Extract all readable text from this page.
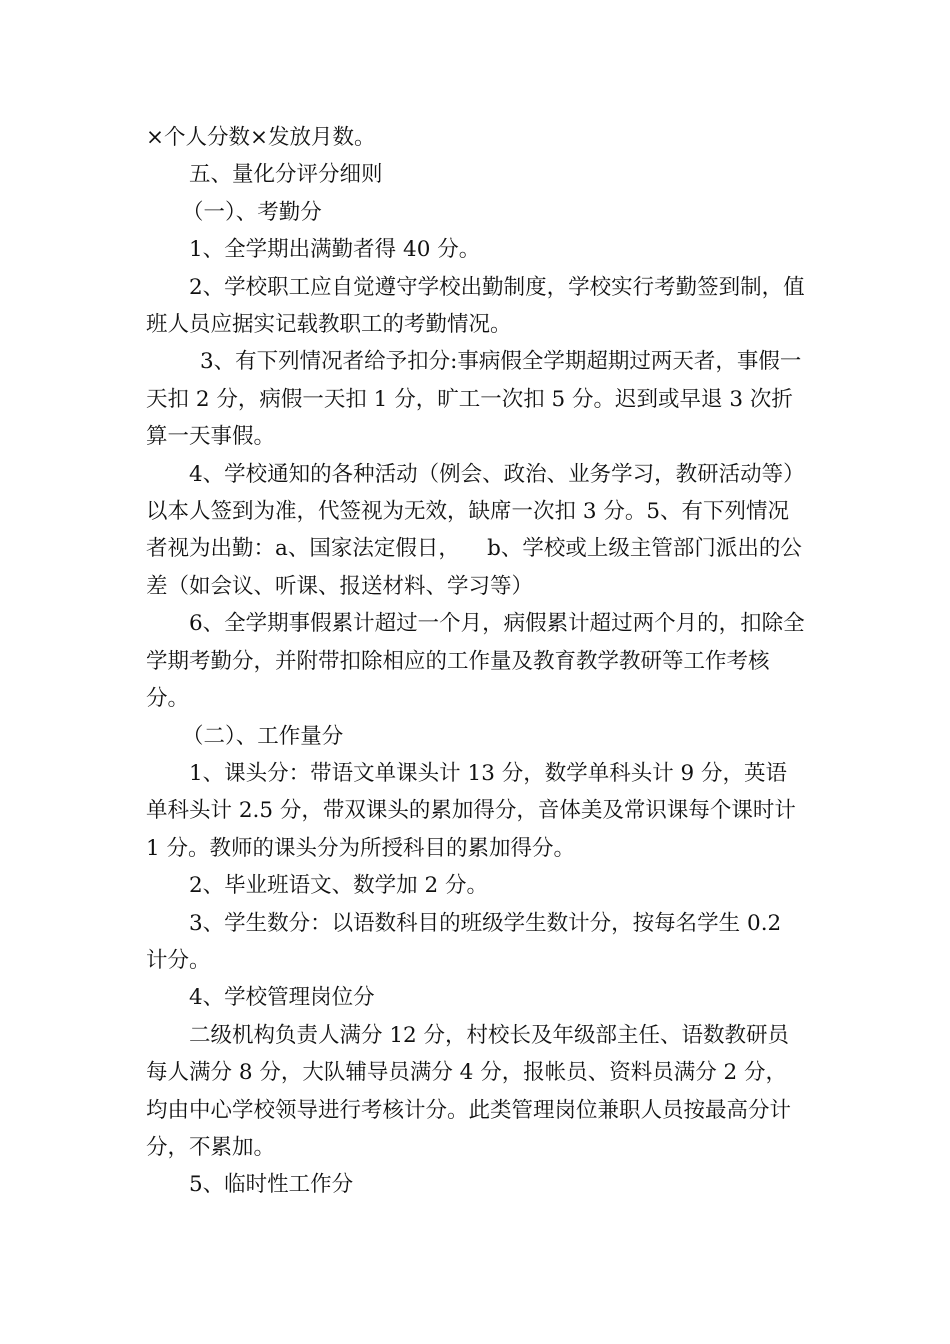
×个人分数×发放月数。

五、量化分评分细则

（一）、考勤分

1、全学期出满勤者得 40 分。

2、学校职工应自觉遵守学校出勤制度，学校实行考勤签到制，值班人员应据实记载教职工的考勤情况。

3、有下列情况者给予扣分:事病假全学期超期过两天者，事假一天扣 2 分，病假一天扣 1 分，旷工一次扣 5 分。迟到或早退 3 次折算一天事假。

4、学校通知的各种活动（例会、政治、业务学习，教研活动等）以本人签到为准，代签视为无效，缺席一次扣 3 分。5、有下列情况者视为出勤：a、国家法定假日，    b、学校或上级主管部门派出的公差（如会议、听课、报送材料、学习等）

6、全学期事假累计超过一个月，病假累计超过两个月的，扣除全学期考勤分，并附带扣除相应的工作量及教育教学教研等工作考核分。

（二）、工作量分

1、课头分：带语文单课头计 13 分，数学单科头计 9 分，英语单科头计 2.5 分，带双课头的累加得分，音体美及常识课每个课时计 1 分。教师的课头分为所授科目的累加得分。

2、毕业班语文、数学加 2 分。

3、学生数分：以语数科目的班级学生数计分，按每名学生 0.2 计分。

4、学校管理岗位分

二级机构负责人满分 12 分，村校长及年级部主任、语数教研员每人满分 8 分，大队辅导员满分 4 分，报帐员、资料员满分 2 分，均由中心学校领导进行考核计分。此类管理岗位兼职人员按最高分计分，不累加。

5、临时性工作分
